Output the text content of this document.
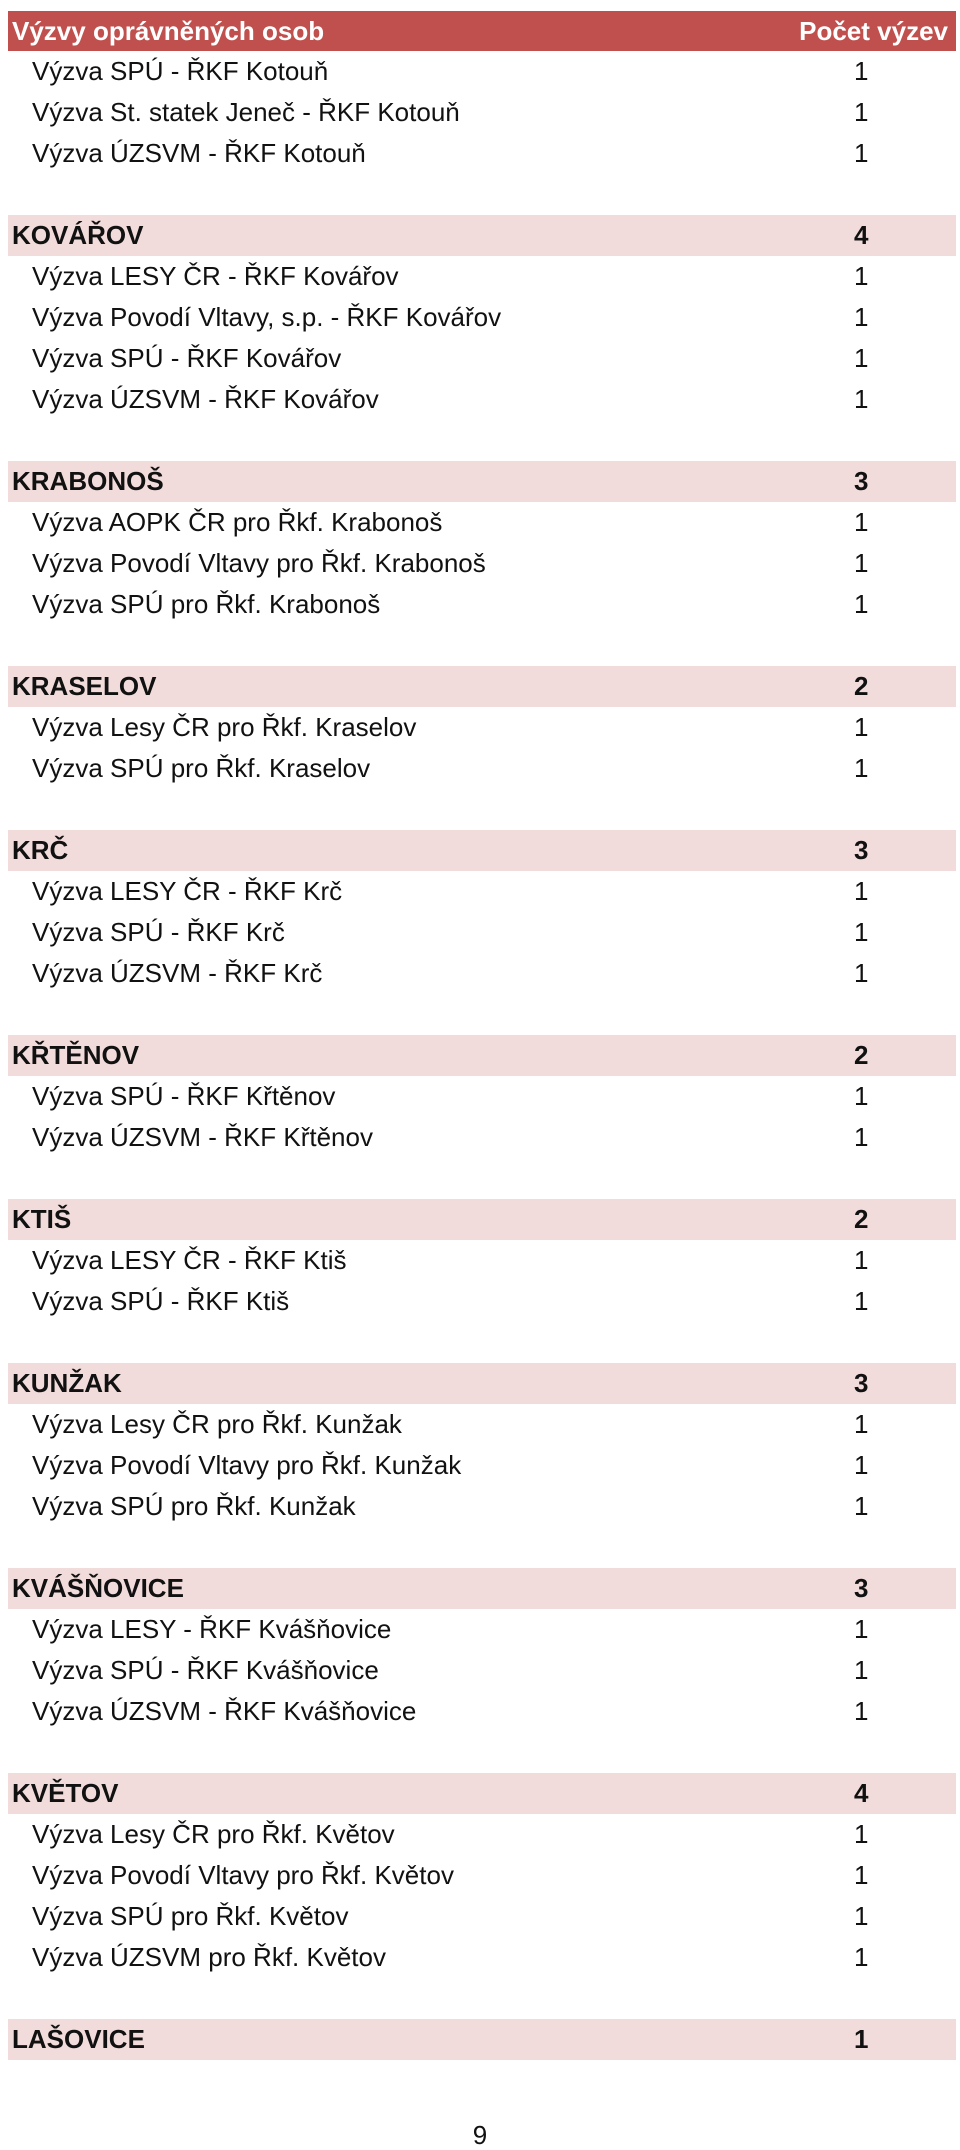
Výzvy oprávněných osob	Počet výzev
Výzva SPÚ - ŘKF Kotouň	1
Výzva St. statek Jeneč - ŘKF Kotouň	1
Výzva ÚZSVM - ŘKF Kotouň	1
KOVÁŘOV	4
Výzva LESY ČR - ŘKF Kovářov	1
Výzva Povodí Vltavy, s.p. - ŘKF Kovářov	1
Výzva SPÚ - ŘKF Kovářov	1
Výzva ÚZSVM - ŘKF Kovářov	1
KRABONOŠ	3
Výzva AOPK ČR pro Řkf. Krabonoš	1
Výzva Povodí Vltavy pro Řkf. Krabonoš	1
Výzva SPÚ pro Řkf. Krabonoš	1
KRASELOV	2
Výzva Lesy ČR pro Řkf. Kraselov	1
Výzva SPÚ pro Řkf. Kraselov	1
KRČ	3
Výzva LESY ČR - ŘKF Krč	1
Výzva SPÚ - ŘKF Krč	1
Výzva ÚZSVM - ŘKF Krč	1
KŘTĚNOV	2
Výzva SPÚ - ŘKF Křtěnov	1
Výzva ÚZSVM - ŘKF Křtěnov	1
KTIŠ	2
Výzva LESY ČR - ŘKF Ktiš	1
Výzva SPÚ - ŘKF Ktiš	1
KUNŽAK	3
Výzva Lesy ČR pro Řkf. Kunžak	1
Výzva Povodí Vltavy pro Řkf. Kunžak	1
Výzva SPÚ pro Řkf. Kunžak	1
KVÁŠŇOVICE	3
Výzva LESY - ŘKF Kvášňovice	1
Výzva SPÚ - ŘKF Kvášňovice	1
Výzva ÚZSVM - ŘKF Kvášňovice	1
KVĚTOV	4
Výzva Lesy ČR pro Řkf. Květov	1
Výzva Povodí Vltavy pro Řkf. Květov	1
Výzva SPÚ pro Řkf. Květov	1
Výzva ÚZSVM pro Řkf. Květov	1
LAŠOVICE	1
9
